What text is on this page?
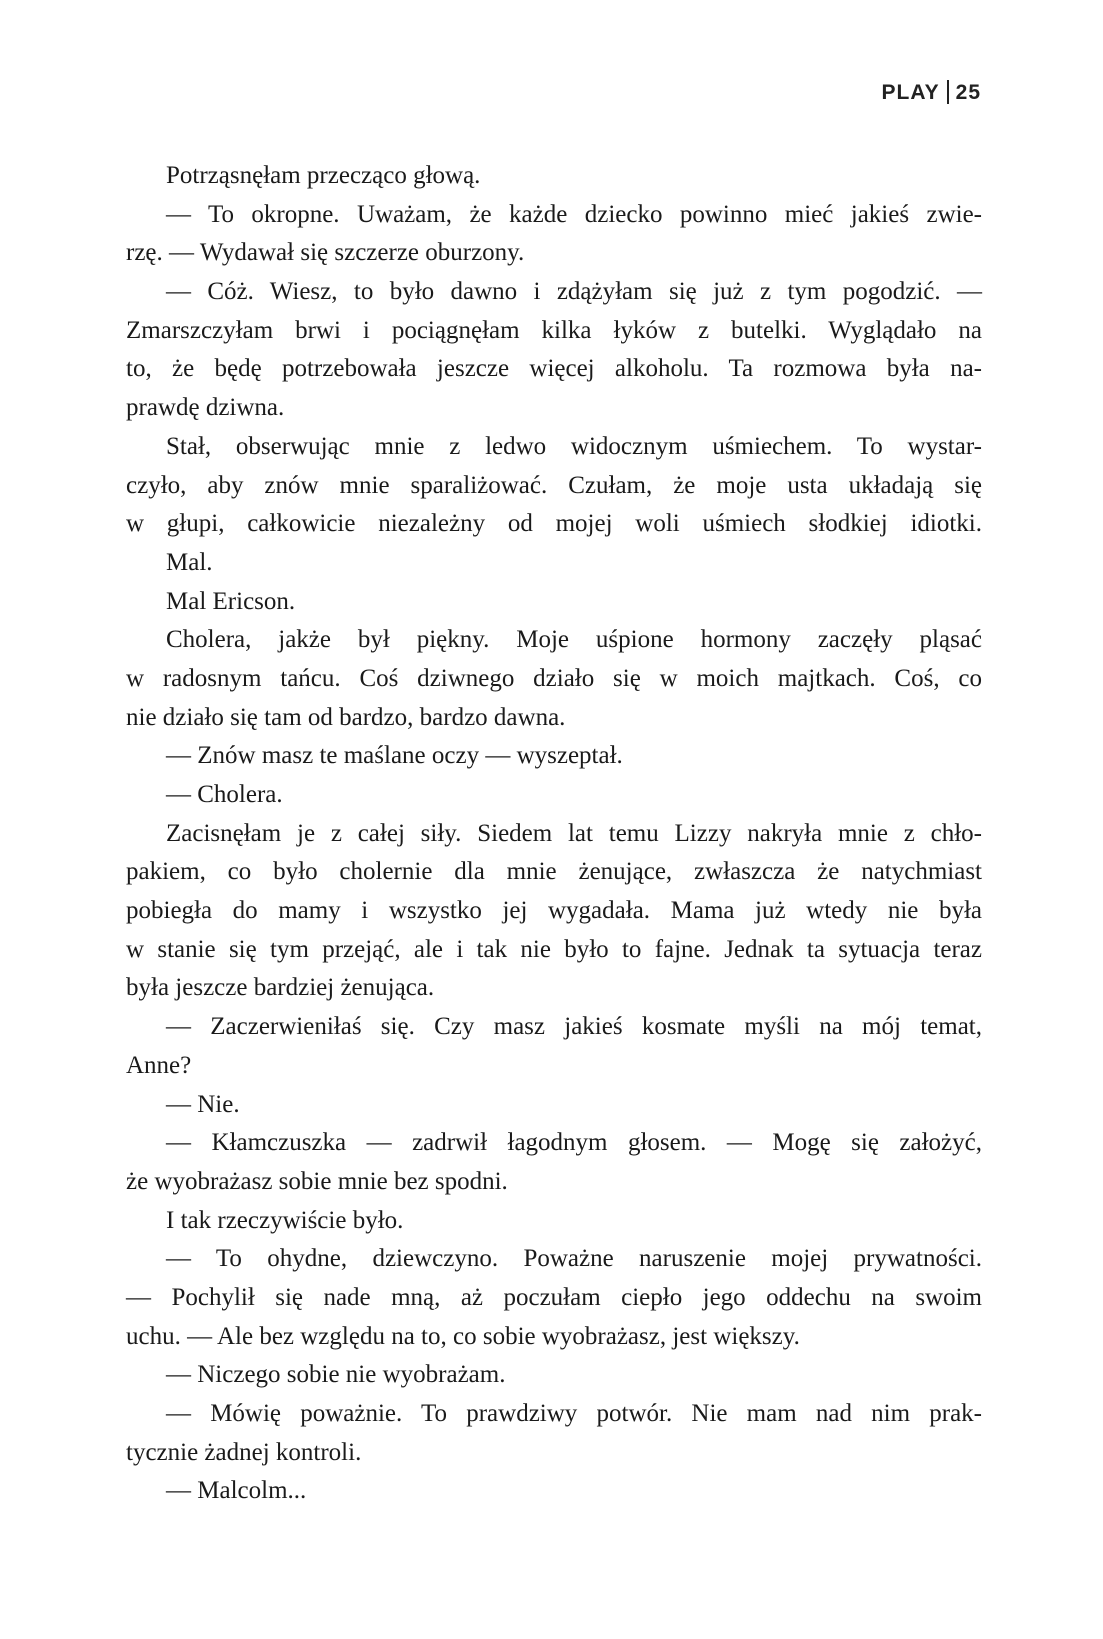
PLAY 25
Potrząsnęłam przecząco głową.
— To okropne. Uważam, że każde dziecko powinno mieć jakieś zwie-
rzę. — Wydawał się szczerze oburzony.
— Cóż. Wiesz, to było dawno i zdążyłam się już z tym pogodzić. —
Zmarszczyłam brwi i pociągnęłam kilka łyków z butelki. Wyglądało na
to, że będę potrzebowała jeszcze więcej alkoholu. Ta rozmowa była na-
prawdę dziwna.
Stał, obserwując mnie z ledwo widocznym uśmiechem. To wystar-
czyło, aby znów mnie sparaliżować. Czułam, że moje usta układają się
w głupi, całkowicie niezależny od mojej woli uśmiech słodkiej idiotki.
Mal.
Mal Ericson.
Cholera, jakże był piękny. Moje uśpione hormony zaczęły pląsać
w radosnym tańcu. Coś dziwnego działo się w moich majtkach. Coś, co
nie działo się tam od bardzo, bardzo dawna.
— Znów masz te maślane oczy — wyszeptał.
— Cholera.
Zacisnęłam je z całej siły. Siedem lat temu Lizzy nakryła mnie z chło-
pakiem, co było cholernie dla mnie żenujące, zwłaszcza że natychmiast
pobiegła do mamy i wszystko jej wygadała. Mama już wtedy nie była
w stanie się tym przejąć, ale i tak nie było to fajne. Jednak ta sytuacja teraz
była jeszcze bardziej żenująca.
— Zaczerwieniłaś się. Czy masz jakieś kosmate myśli na mój temat,
Anne?
— Nie.
— Kłamczuszka — zadrwił łagodnym głosem. — Mogę się założyć,
że wyobrażasz sobie mnie bez spodni.
I tak rzeczywiście było.
— To ohydne, dziewczyno. Poważne naruszenie mojej prywatności.
— Pochylił się nade mną, aż poczułam ciepło jego oddechu na swoim
uchu. — Ale bez względu na to, co sobie wyobrażasz, jest większy.
— Niczego sobie nie wyobrażam.
— Mówię poważnie. To prawdziwy potwór. Nie mam nad nim prak-
tycznie żadnej kontroli.
— Malcolm...
